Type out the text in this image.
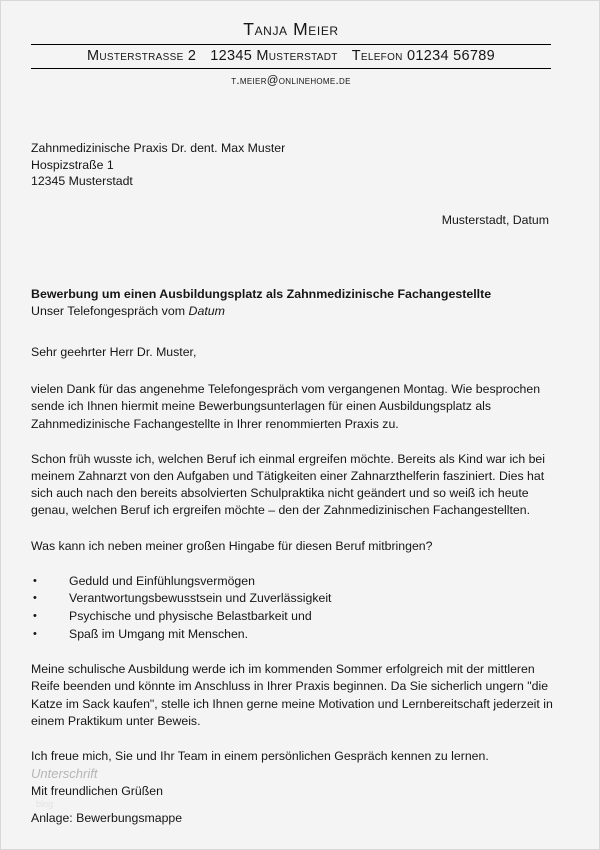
Tanja Meier
Musterstrasse 2 12345 Musterstadt Telefon 01234 56789
t.meier@onlinehome.de
Zahnmedizinische Praxis Dr. dent. Max Muster
Hospizstraße 1
12345 Musterstadt
Musterstadt, Datum
Bewerbung um einen Ausbildungsplatz als Zahnmedizinische Fachangestellte
Unser Telefongespräch vom Datum

Sehr geehrter Herr Dr. Muster,

vielen Dank für das angenehme Telefongespräch vom vergangenen Montag. Wie besprochen sende ich Ihnen hiermit meine Bewerbungsunterlagen für einen Ausbildungsplatz als Zahnmedizinische Fachangestellte in Ihrer renommierten Praxis zu.

Schon früh wusste ich, welchen Beruf ich einmal ergreifen möchte. Bereits als Kind war ich bei meinem Zahnarzt von den Aufgaben und Tätigkeiten einer Zahnarzthelferin fasziniert. Dies hat sich auch nach den bereits absolvierten Schulpraktika nicht geändert und so weiß ich heute genau, welchen Beruf ich ergreifen möchte – den der Zahnmedizinischen Fachangestellten.

Was kann ich neben meiner großen Hingabe für diesen Beruf mitbringen?

• Geduld und Einfühlungsvermögen
• Verantwortungsbewusstsein und Zuverlässigkeit
• Psychische und physische Belastbarkeit und
• Spaß im Umgang mit Menschen.

Meine schulische Ausbildung werde ich im kommenden Sommer erfolgreich mit der mittleren Reife beenden und könnte im Anschluss in Ihrer Praxis beginnen. Da Sie sicherlich ungern "die Katze im Sack kaufen", stelle ich Ihnen gerne meine Motivation und Lernbereitschaft jederzeit in einem Praktikum unter Beweis.

Ich freue mich, Sie und Ihr Team in einem persönlichen Gespräch kennen zu lernen.

Mit freundlichen Grüßen

Unterschrift
blog
Anlage: Bewerbungsmappe
